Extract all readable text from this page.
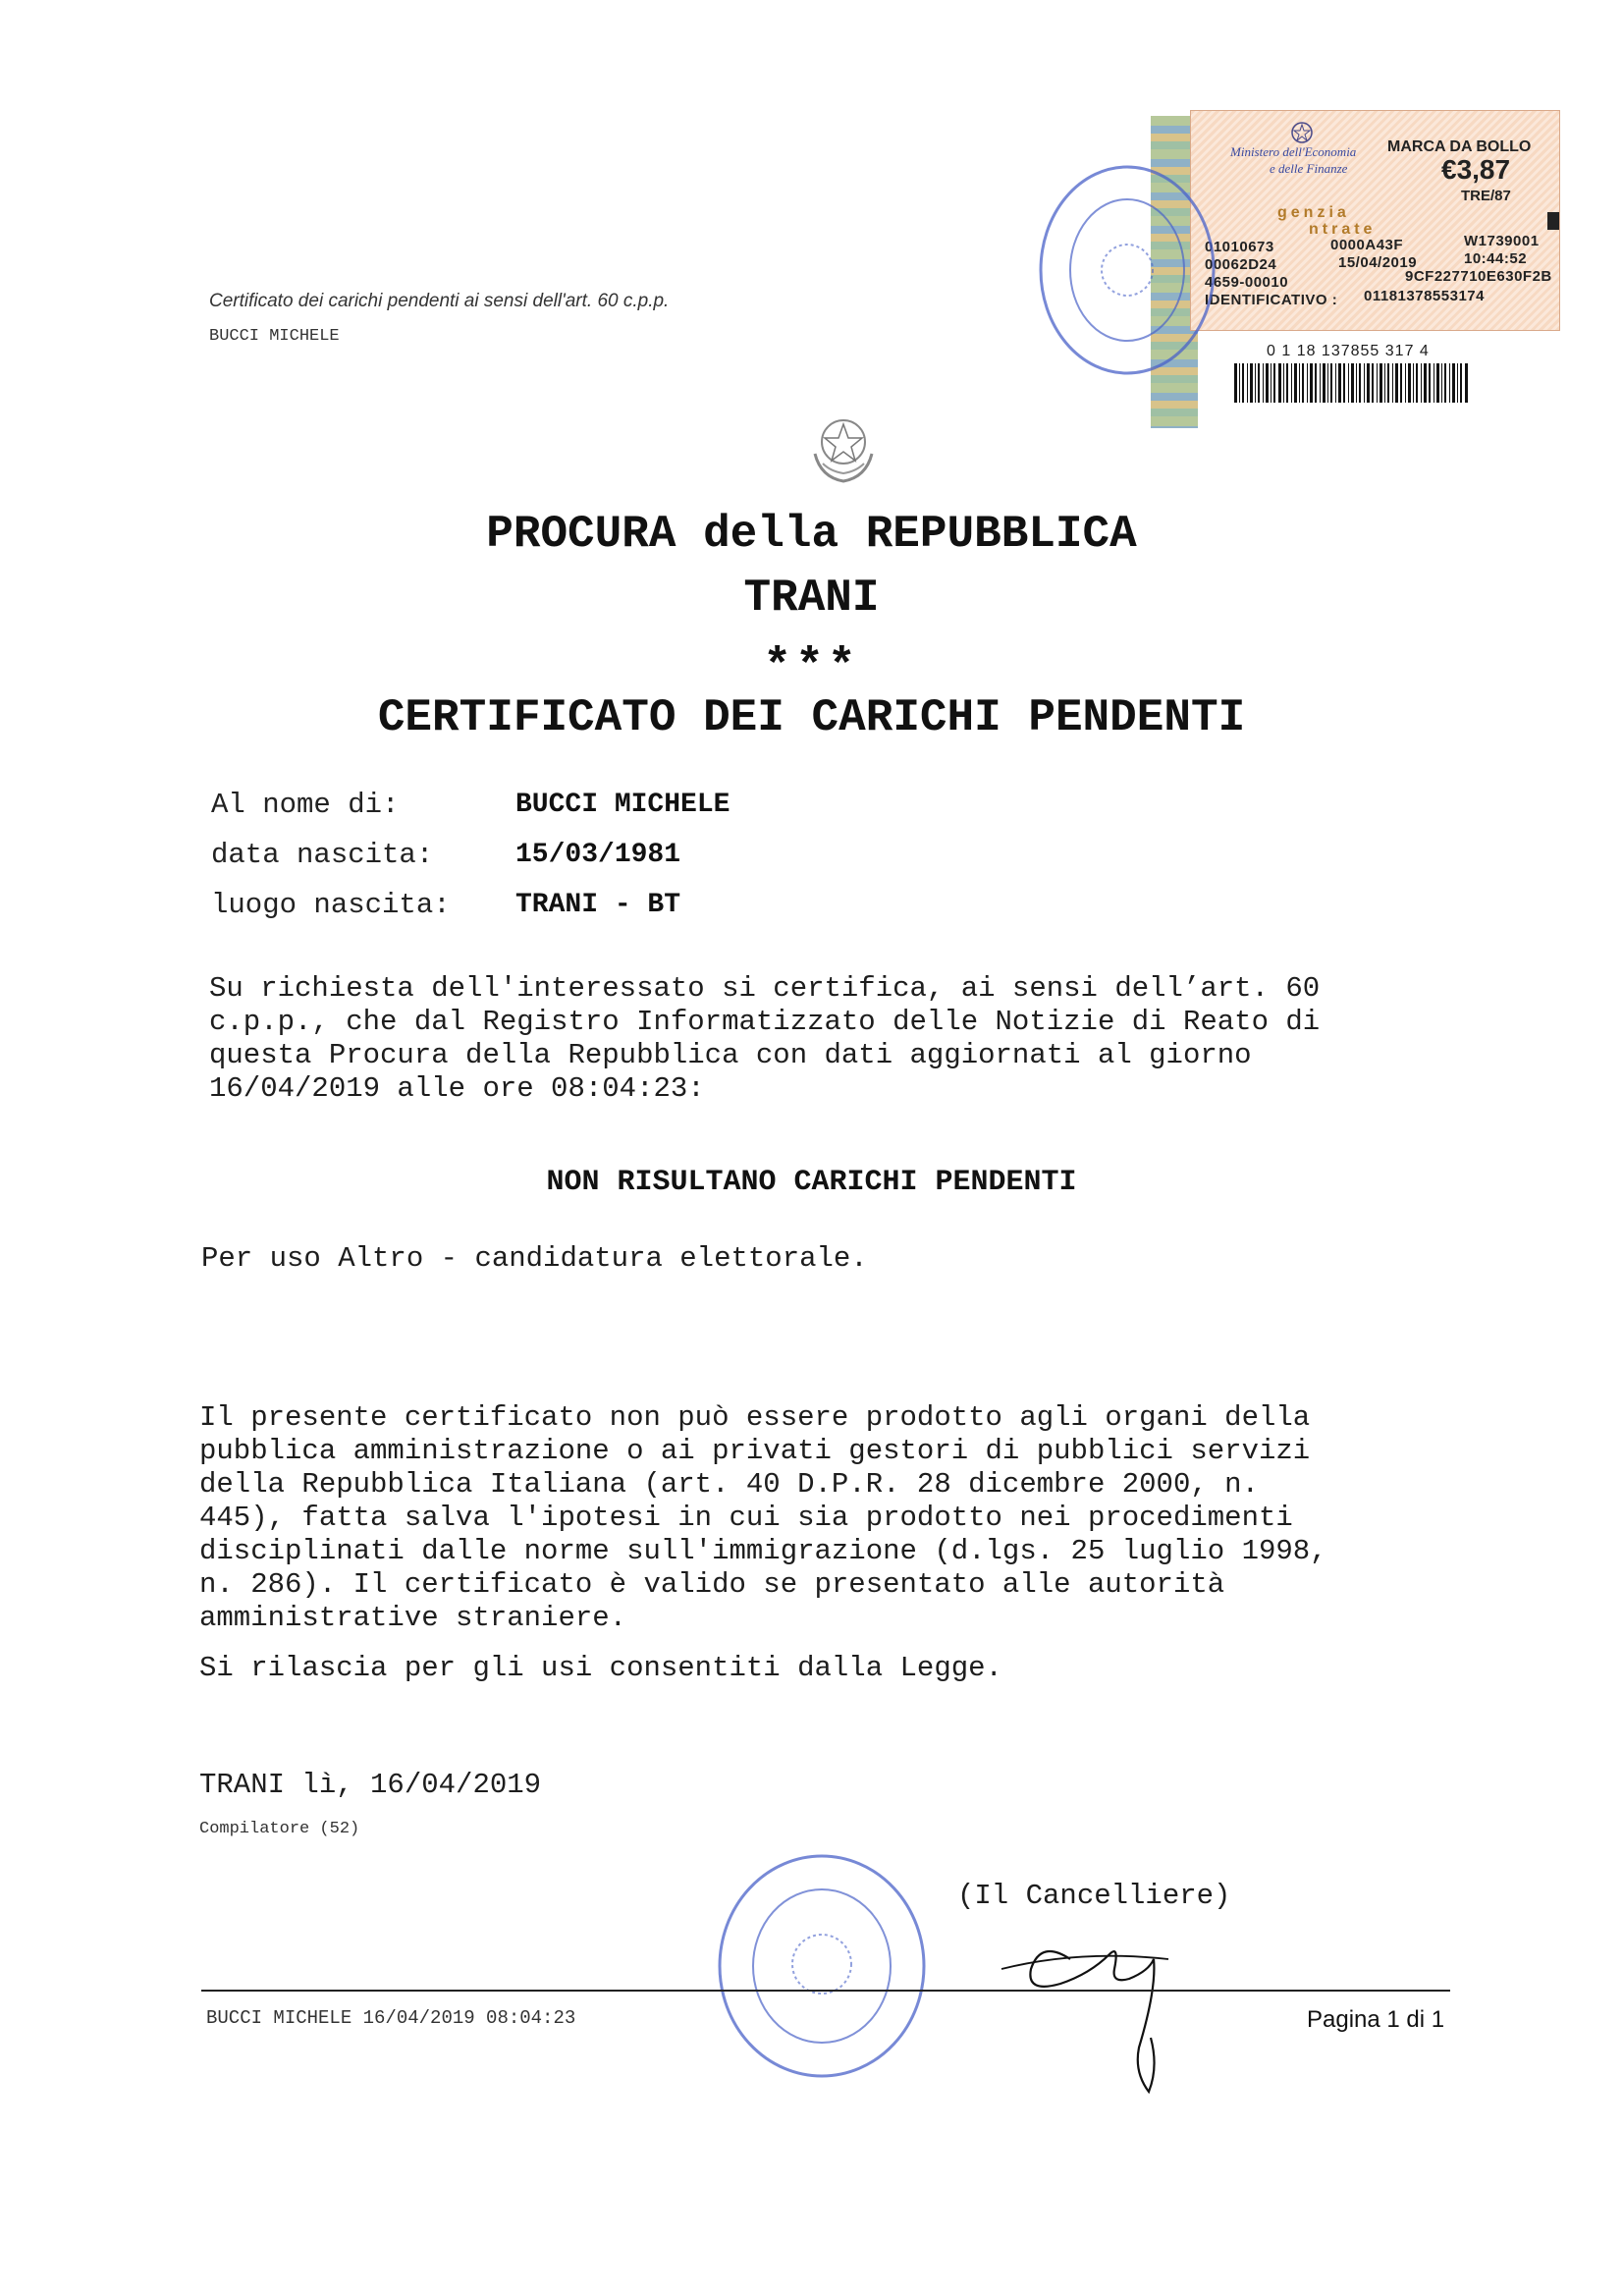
Certificato dei carichi pendenti ai sensi dell'art. 60 c.p.p.
BUCCI MICHELE
Ministero dell'Economia
e delle Finanze
MARCA DA BOLLO
€3,87
TRE/87
genzia
ntrate
01010673	0000A43F	W1739001
00062D24	15/04/2019	10:44:52
4659-00010	9CF227710E630F2B
IDENTIFICATIVO : 01181378553174
0 1 18 137855 317 4
PROCURA della REPUBBLICA
TRANI
***
CERTIFICATO DEI CARICHI PENDENTI
Al nome di:	BUCCI MICHELE
data nascita:	15/03/1981
luogo nascita: TRANI - BT
Su richiesta dell'interessato si certifica, ai sensi dell’art. 60
c.p.p., che dal Registro Informatizzato delle Notizie di Reato di
questa Procura della Repubblica con dati aggiornati al giorno
16/04/2019 alle ore 08:04:23:
NON RISULTANO CARICHI PENDENTI
Per uso Altro - candidatura elettorale.
Il presente certificato non può essere prodotto agli organi della
pubblica amministrazione o ai privati gestori di pubblici servizi
della Repubblica Italiana (art. 40 D.P.R. 28 dicembre 2000, n.
445), fatta salva l'ipotesi in cui sia prodotto nei procedimenti
disciplinati dalle norme sull'immigrazione (d.lgs. 25 luglio 1998,
n. 286). Il certificato è valido se presentato alle autorità
amministrative straniere.
Si rilascia per gli usi consentiti dalla Legge.
TRANI lì, 16/04/2019
Compilatore (52)
(Il Cancelliere)
BUCCI MICHELE 16/04/2019 08:04:23	Pagina 1 di 1
